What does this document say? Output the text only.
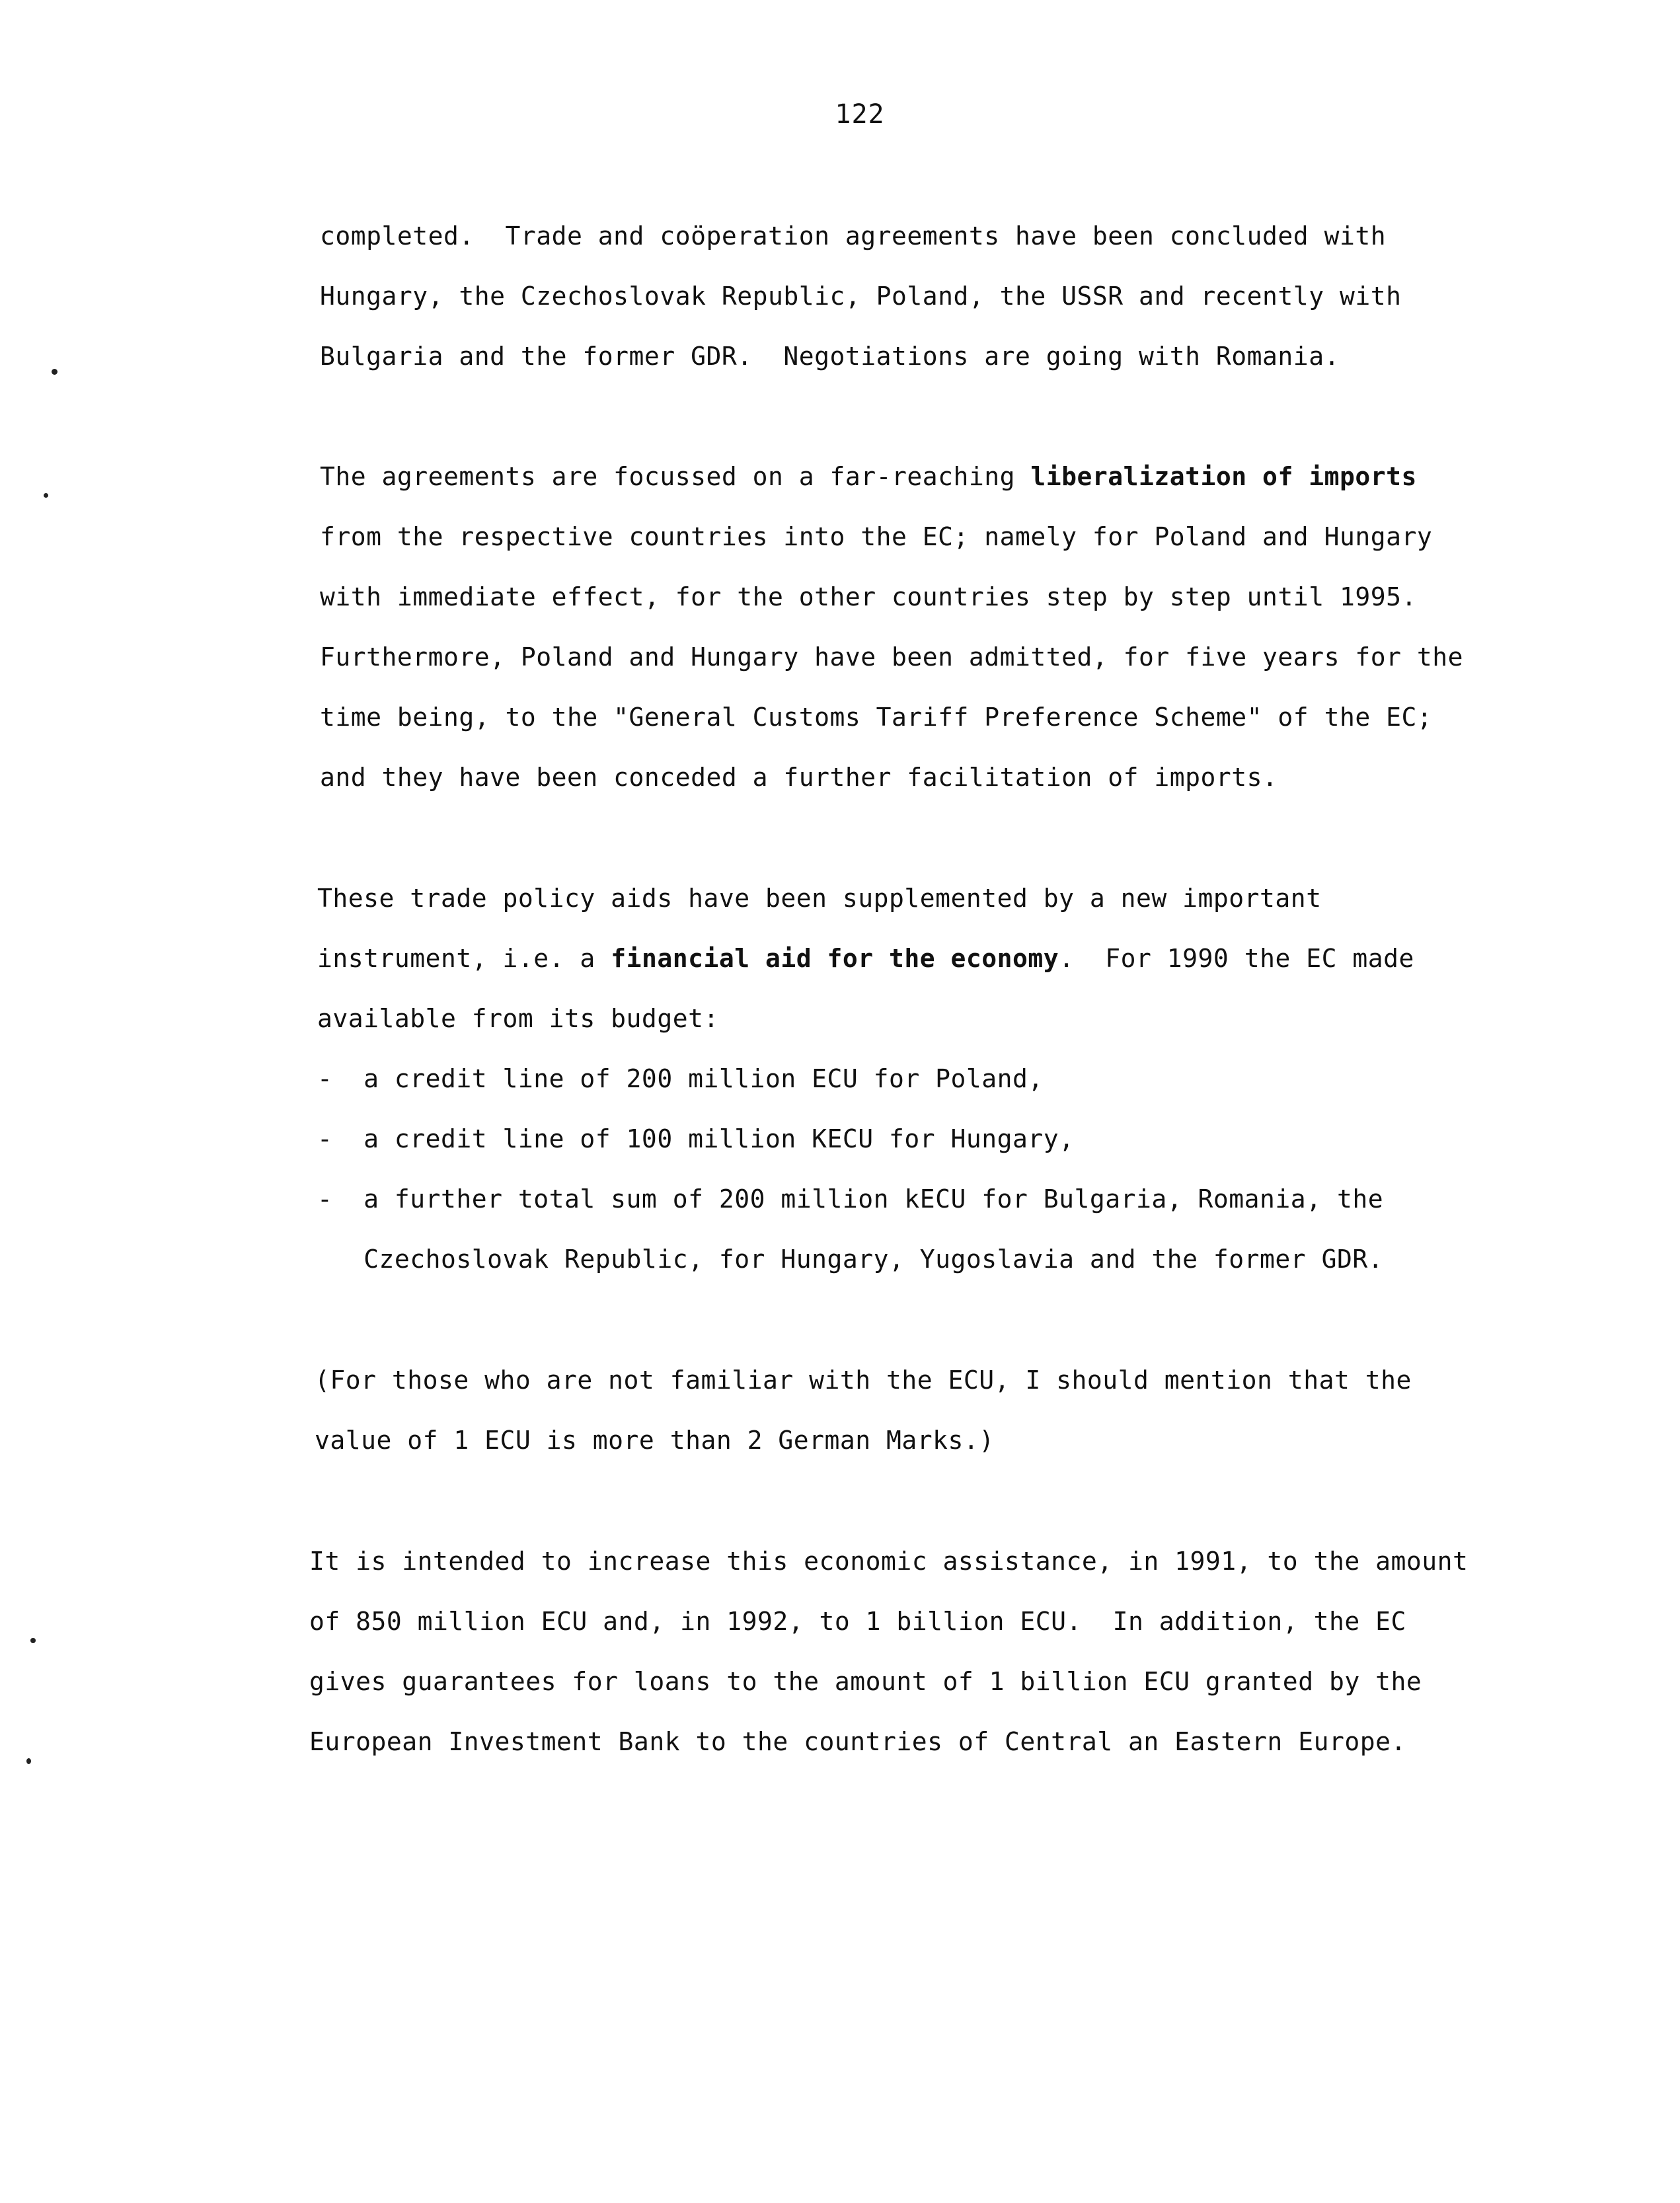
122
completed.  Trade and coöperation agreements have been concluded with
Hungary, the Czechoslovak Republic, Poland, the USSR and recently with
Bulgaria and the former GDR.  Negotiations are going with Romania.
The agreements are focussed on a far-reaching liberalization of imports
from the respective countries into the EC; namely for Poland and Hungary
with immediate effect, for the other countries step by step until 1995.
Furthermore, Poland and Hungary have been admitted, for five years for the
time being, to the "General Customs Tariff Preference Scheme" of the EC;
and they have been conceded a further facilitation of imports.
These trade policy aids have been supplemented by a new important
instrument, i.e. a financial aid for the economy.  For 1990 the EC made
available from its budget:
-  a credit line of 200 million ECU for Poland,
-  a credit line of 100 million KECU for Hungary,
-  a further total sum of 200 million kECU for Bulgaria, Romania, the
Czechoslovak Republic, for Hungary, Yugoslavia and the former GDR.
(For those who are not familiar with the ECU, I should mention that the
value of 1 ECU is more than 2 German Marks.)
It is intended to increase this economic assistance, in 1991, to the amount
of 850 million ECU and, in 1992, to 1 billion ECU.  In addition, the EC
gives guarantees for loans to the amount of 1 billion ECU granted by the
European Investment Bank to the countries of Central an Eastern Europe.
